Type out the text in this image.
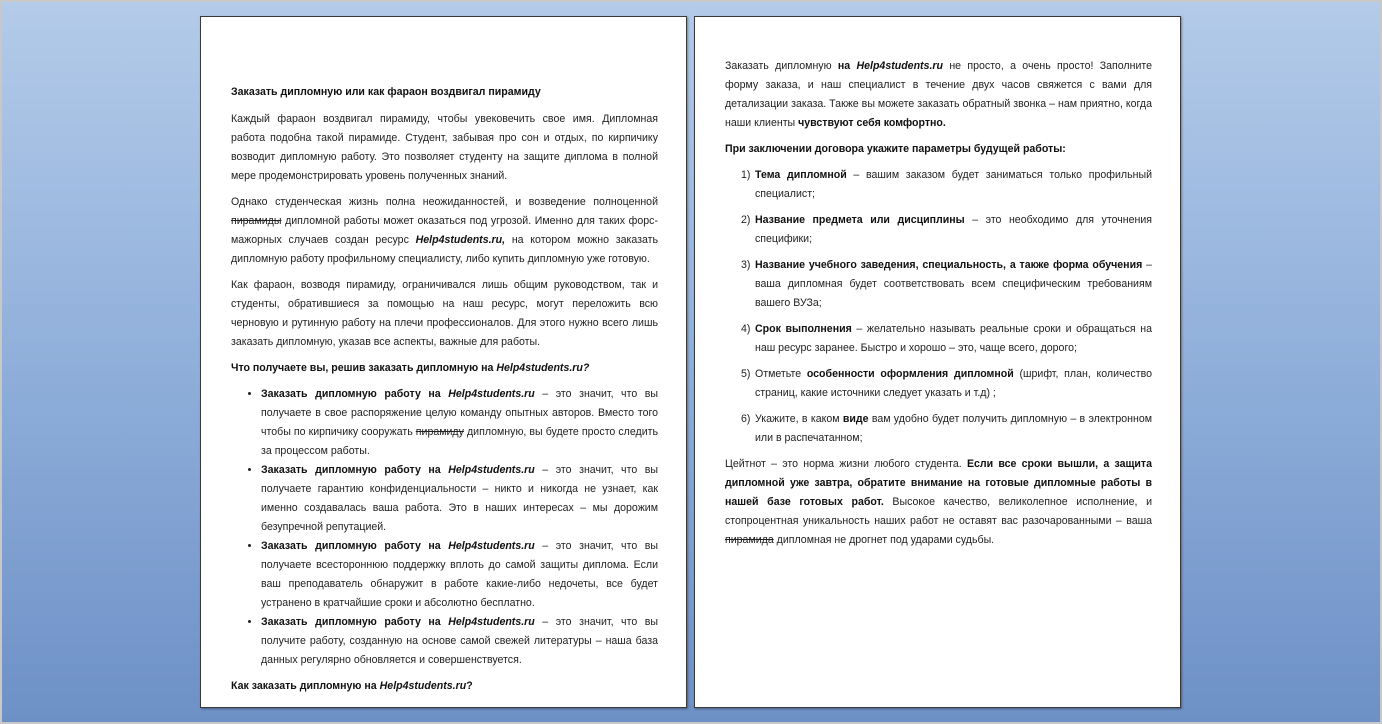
Заказать дипломную или как фараон воздвигал пирамиду

Каждый фараон воздвигал пирамиду, чтобы увековечить свое имя. Дипломная работа подобна такой пирамиде. Студент, забывая про сон и отдых, по кирпичику возводит дипломную работу. Это позволяет студенту на защите диплома в полной мере продемонстрировать уровень полученных знаний.

Однако студенческая жизнь полна неожиданностей, и возведение полноценной пирамиды дипломной работы может оказаться под угрозой. Именно для таких форс-мажорных случаев создан ресурс Help4students.ru, на котором можно заказать дипломную работу профильному специалисту, либо купить дипломную уже готовую.

Как фараон, возводя пирамиду, ограничивался лишь общим руководством, так и студенты, обратившиеся за помощью на наш ресурс, могут переложить всю черновую и рутинную работу на плечи профессионалов. Для этого нужно всего лишь заказать дипломную, указав все аспекты, важные для работы.

Что получаете вы, решив заказать дипломную на Help4students.ru?

• Заказать дипломную работу на Help4students.ru – это значит, что вы получаете в свое распоряжение целую команду опытных авторов. Вместо того чтобы по кирпичику сооружать пирамиду дипломную, вы будете просто следить за процессом работы.
• Заказать дипломную работу на Help4students.ru – это значит, что вы получаете гарантию конфиденциальности – никто и никогда не узнает, как именно создавалась ваша работа. Это в наших интересах – мы дорожим безупречной репутацией.
• Заказать дипломную работу на Help4students.ru – это значит, что вы получаете всестороннюю поддержку вплоть до самой защиты диплома. Если ваш преподаватель обнаружит в работе какие-либо недочеты, все будет устранено в кратчайшие сроки и абсолютно бесплатно.
• Заказать дипломную работу на Help4students.ru – это значит, что вы получите работу, созданную на основе самой свежей литературы – наша база данных регулярно обновляется и совершенствуется.

Как заказать дипломную на Help4students.ru?

Заказать дипломную на Help4students.ru не просто, а очень просто! Заполните форму заказа, и наш специалист в течение двух часов свяжется с вами для детализации заказа. Также вы можете заказать обратный звонка – нам приятно, когда наши клиенты чувствуют себя комфортно.

При заключении договора укажите параметры будущей работы:

1) Тема дипломной – вашим заказом будет заниматься только профильный специалист;
2) Название предмета или дисциплины – это необходимо для уточнения специфики;
3) Название учебного заведения, специальность, а также форма обучения – ваша дипломная будет соответствовать всем специфическим требованиям вашего ВУЗа;
4) Срок выполнения – желательно называть реальные сроки и обращаться на наш ресурс заранее. Быстро и хорошо – это, чаще всего, дорого;
5) Отметьте особенности оформления дипломной (шрифт, план, количество страниц, какие источники следует указать и т.д) ;
6) Укажите, в каком виде вам удобно будет получить дипломную – в электронном или в распечатанном;

Цейтнот – это норма жизни любого студента. Если все сроки вышли, а защита дипломной уже завтра, обратите внимание на готовые дипломные работы в нашей базе готовых работ. Высокое качество, великолепное исполнение, и стопроцентная уникальность наших работ не оставят вас разочарованными – ваша пирамида дипломная не дрогнет под ударами судьбы.
